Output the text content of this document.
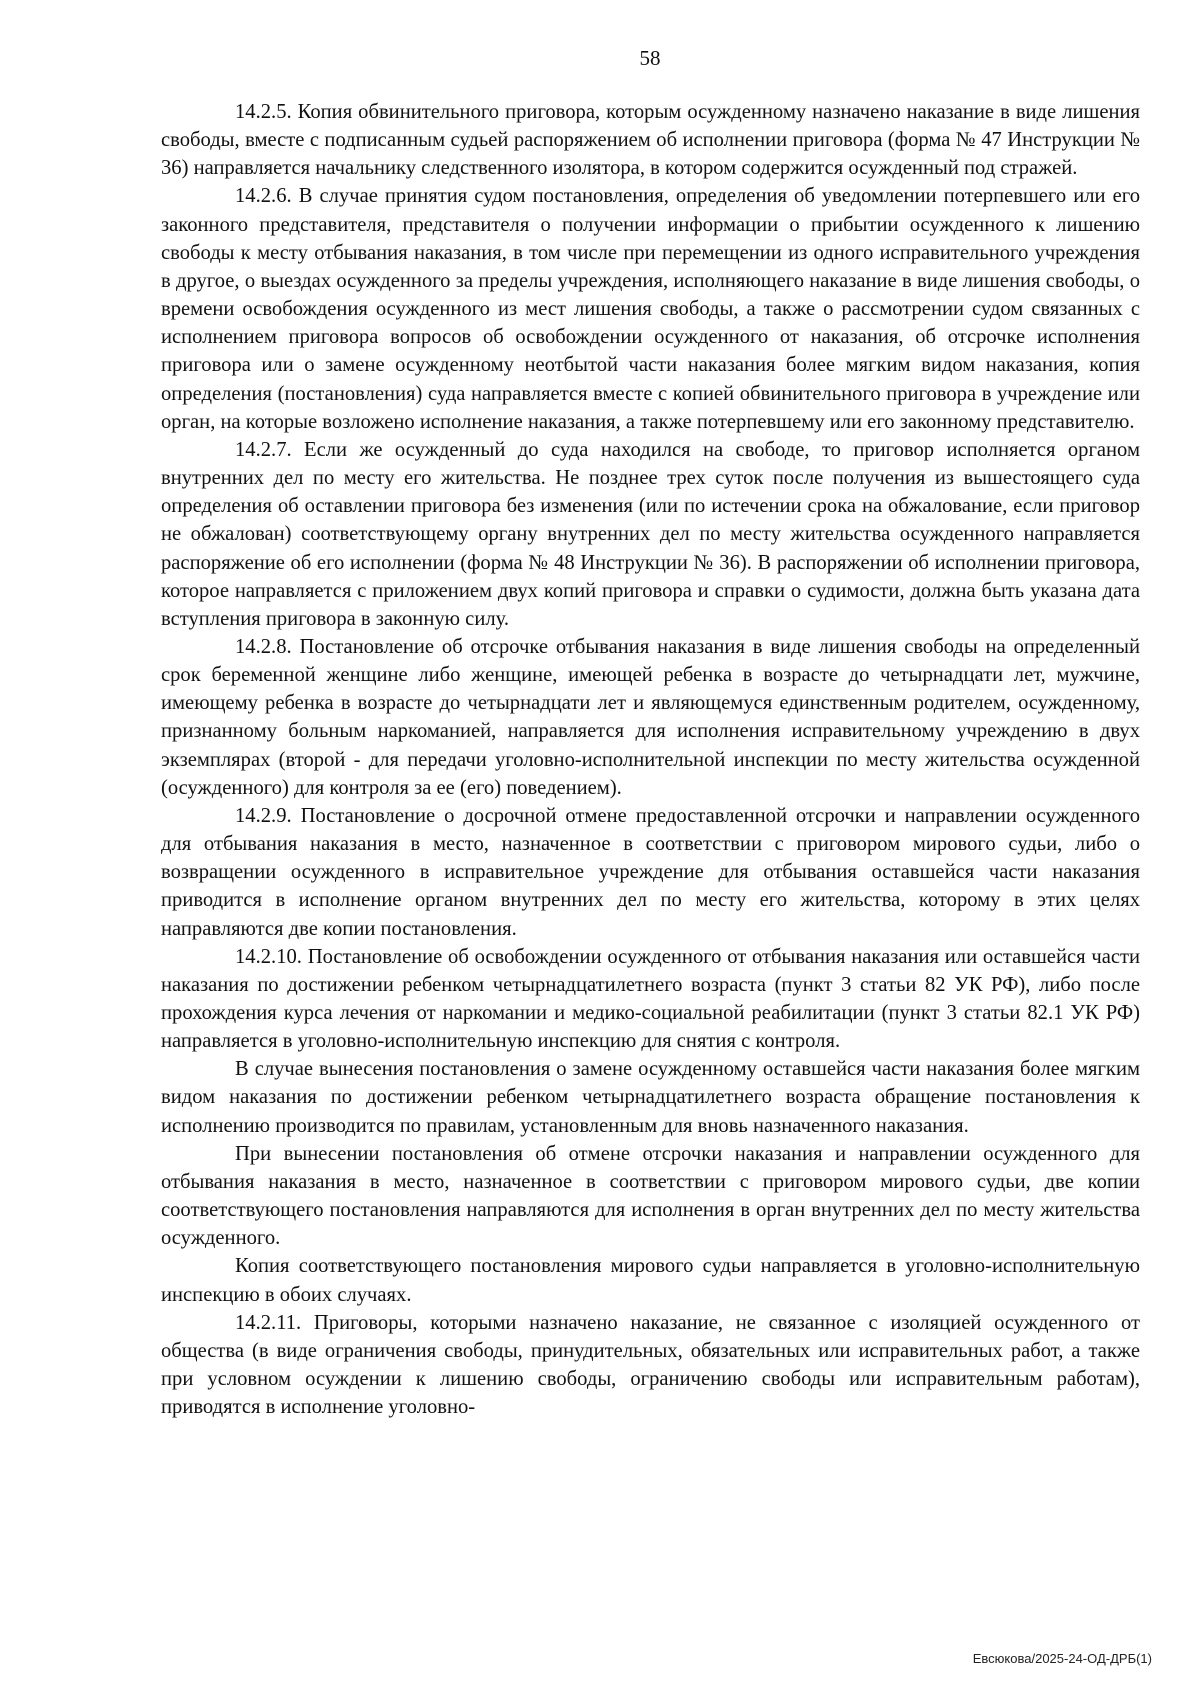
58

14.2.5. Копия обвинительного приговора, которым осужденному назначено наказание в виде лишения свободы, вместе с подписанным судьей распоряжением об исполнении приговора (форма № 47 Инструкции № 36) направляется начальнику следственного изолятора, в котором содержится осужденный под стражей.

14.2.6. В случае принятия судом постановления, определения об уведомлении потерпевшего или его законного представителя, представителя о получении информации о прибытии осужденного к лишению свободы к месту отбывания наказания, в том числе при перемещении из одного исправительного учреждения в другое, о выездах осужденного за пределы учреждения, исполняющего наказание в виде лишения свободы, о времени освобождения осужденного из мест лишения свободы, а также о рассмотрении судом связанных с исполнением приговора вопросов об освобождении осужденного от наказания, об отсрочке исполнения приговора или о замене осужденному неотбытой части наказания более мягким видом наказания, копия определения (постановления) суда направляется вместе с копией обвинительного приговора в учреждение или орган, на которые возложено исполнение наказания, а также потерпевшему или его законному представителю.

14.2.7. Если же осужденный до суда находился на свободе, то приговор исполняется органом внутренних дел по месту его жительства. Не позднее трех суток после получения из вышестоящего суда определения об оставлении приговора без изменения (или по истечении срока на обжалование, если приговор не обжалован) соответствующему органу внутренних дел по месту жительства осужденного направляется распоряжение об его исполнении (форма № 48 Инструкции № 36). В распоряжении об исполнении приговора, которое направляется с приложением двух копий приговора и справки о судимости, должна быть указана дата вступления приговора в законную силу.

14.2.8. Постановление об отсрочке отбывания наказания в виде лишения свободы на определенный срок беременной женщине либо женщине, имеющей ребенка в возрасте до четырнадцати лет, мужчине, имеющему ребенка в возрасте до четырнадцати лет и являющемуся единственным родителем, осужденному, признанному больным наркоманией, направляется для исполнения исправительному учреждению в двух экземплярах (второй - для передачи уголовно-исполнительной инспекции по месту жительства осужденной (осужденного) для контроля за ее (его) поведением).

14.2.9. Постановление о досрочной отмене предоставленной отсрочки и направлении осужденного для отбывания наказания в место, назначенное в соответствии с приговором мирового судьи, либо о возвращении осужденного в исправительное учреждение для отбывания оставшейся части наказания приводится в исполнение органом внутренних дел по месту его жительства, которому в этих целях направляются две копии постановления.

14.2.10. Постановление об освобождении осужденного от отбывания наказания или оставшейся части наказания по достижении ребенком четырнадцатилетнего возраста (пункт 3 статьи 82 УК РФ), либо после прохождения курса лечения от наркомании и медико-социальной реабилитации (пункт 3 статьи 82.1 УК РФ) направляется в уголовно-исполнительную инспекцию для снятия с контроля.

В случае вынесения постановления о замене осужденному оставшейся части наказания более мягким видом наказания по достижении ребенком четырнадцатилетнего возраста обращение постановления к исполнению производится по правилам, установленным для вновь назначенного наказания.

При вынесении постановления об отмене отсрочки наказания и направлении осужденного для отбывания наказания в место, назначенное в соответствии с приговором мирового судьи, две копии соответствующего постановления направляются для исполнения в орган внутренних дел по месту жительства осужденного.

Копия соответствующего постановления мирового судьи направляется в уголовно-исполнительную инспекцию в обоих случаях.

14.2.11. Приговоры, которыми назначено наказание, не связанное с изоляцией осужденного от общества (в виде ограничения свободы, принудительных, обязательных или исправительных работ, а также при условном осуждении к лишению свободы, ограничению свободы или исправительным работам), приводятся в исполнение уголовно-

Евсюкова/2025-24-ОД-ДРБ(1)
